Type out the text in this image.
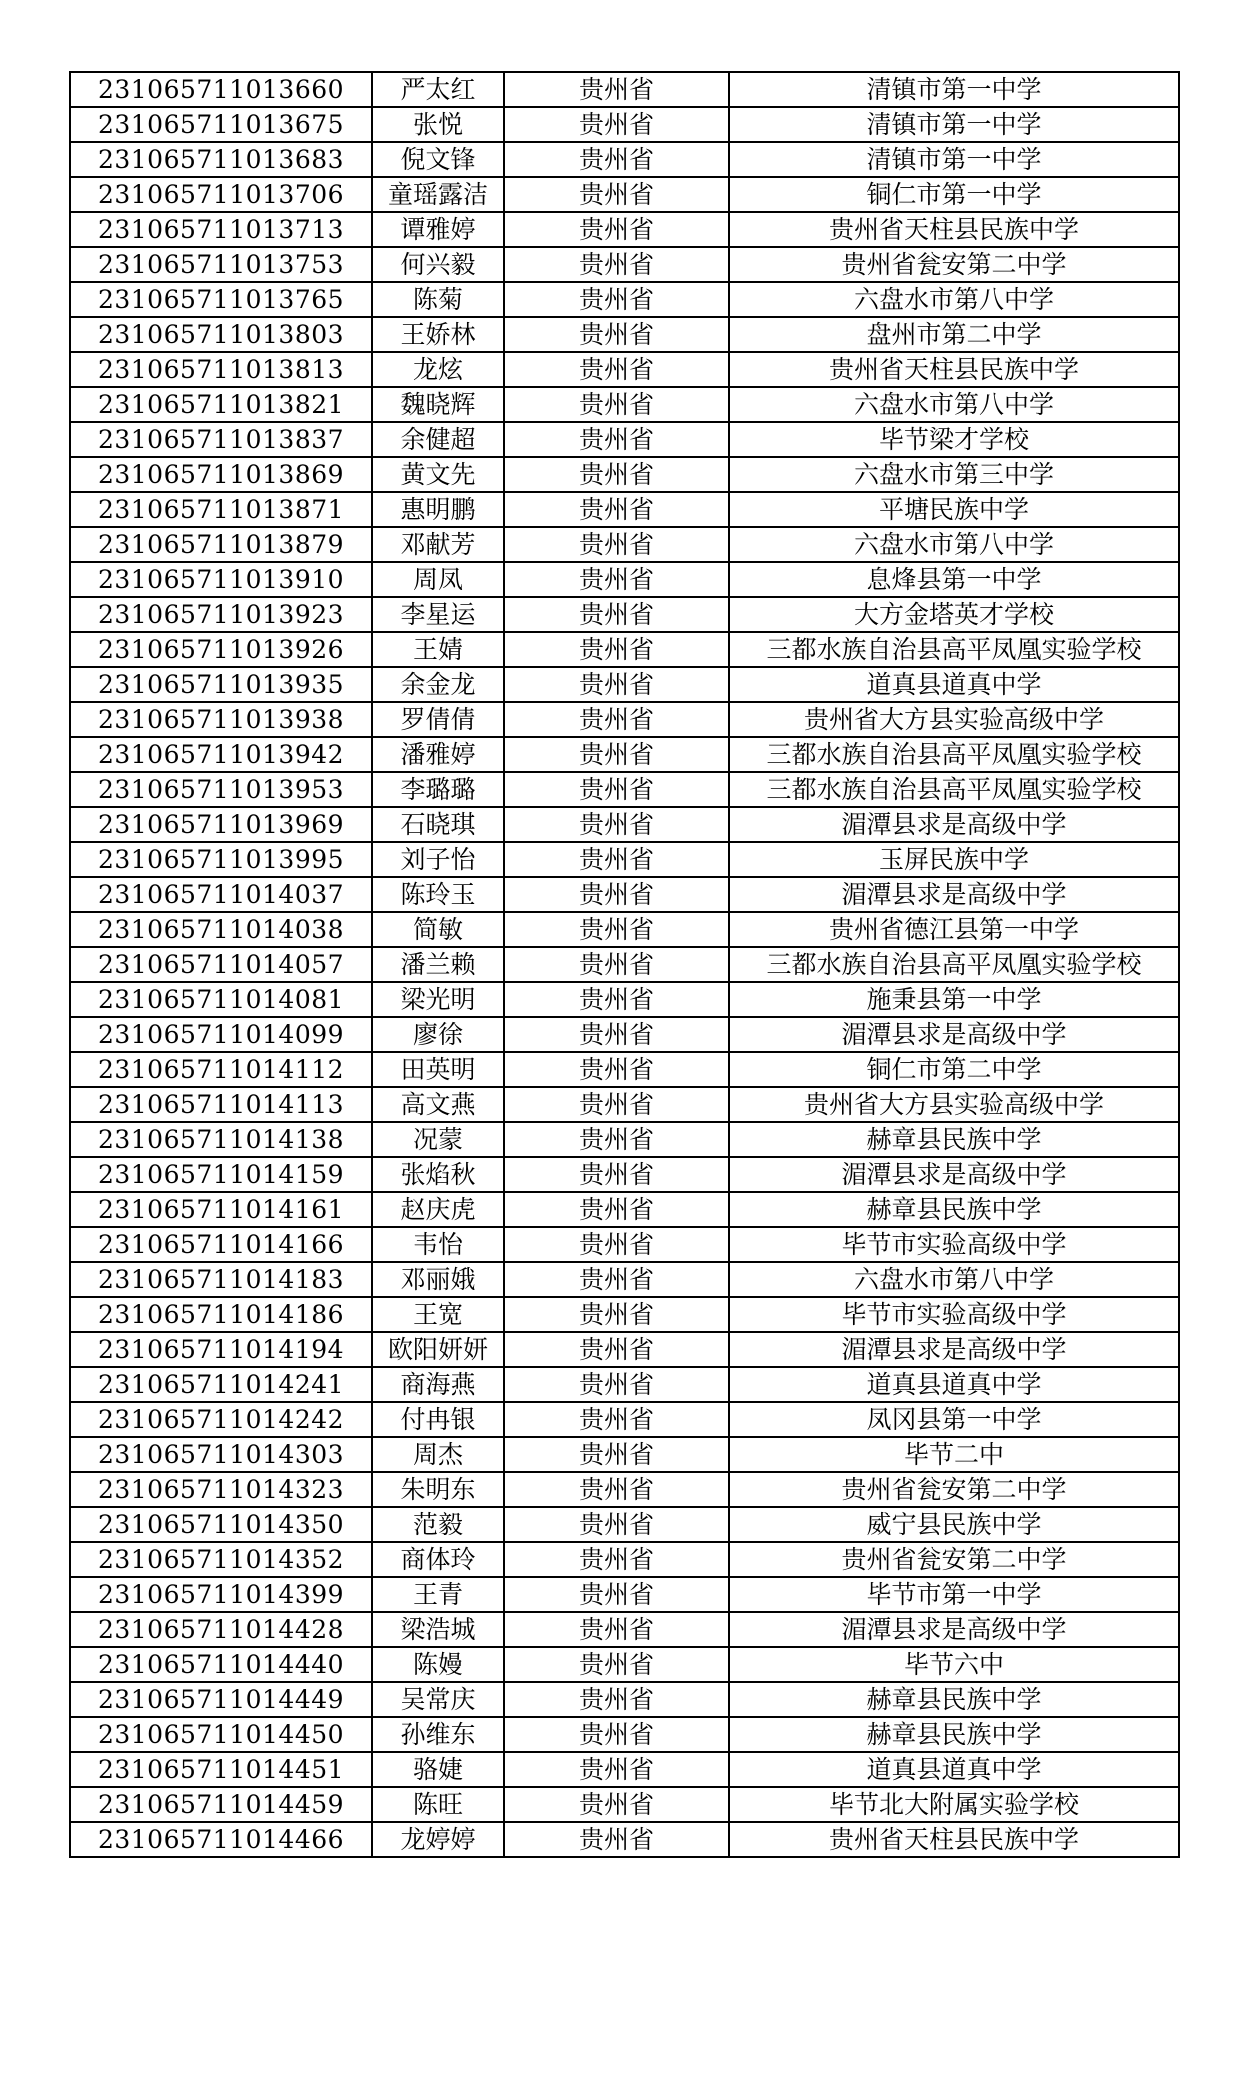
231065711013660	严太红	贵州省	清镇市第一中学
231065711013675	张悦	贵州省	清镇市第一中学
231065711013683	倪文锋	贵州省	清镇市第一中学
231065711013706	童瑶露洁	贵州省	铜仁市第一中学
231065711013713	谭雅婷	贵州省	贵州省天柱县民族中学
231065711013753	何兴毅	贵州省	贵州省瓮安第二中学
231065711013765	陈菊	贵州省	六盘水市第八中学
231065711013803	王娇林	贵州省	盘州市第二中学
231065711013813	龙炫	贵州省	贵州省天柱县民族中学
231065711013821	魏晓辉	贵州省	六盘水市第八中学
231065711013837	余健超	贵州省	毕节梁才学校
231065711013869	黄文先	贵州省	六盘水市第三中学
231065711013871	惠明鹏	贵州省	平塘民族中学
231065711013879	邓献芳	贵州省	六盘水市第八中学
231065711013910	周凤	贵州省	息烽县第一中学
231065711013923	李星运	贵州省	大方金塔英才学校
231065711013926	王婧	贵州省	三都水族自治县高平凤凰实验学校
231065711013935	余金龙	贵州省	道真县道真中学
231065711013938	罗倩倩	贵州省	贵州省大方县实验高级中学
231065711013942	潘雅婷	贵州省	三都水族自治县高平凤凰实验学校
231065711013953	李璐璐	贵州省	三都水族自治县高平凤凰实验学校
231065711013969	石晓琪	贵州省	湄潭县求是高级中学
231065711013995	刘子怡	贵州省	玉屏民族中学
231065711014037	陈玲玉	贵州省	湄潭县求是高级中学
231065711014038	简敏	贵州省	贵州省德江县第一中学
231065711014057	潘兰赖	贵州省	三都水族自治县高平凤凰实验学校
231065711014081	梁光明	贵州省	施秉县第一中学
231065711014099	廖徐	贵州省	湄潭县求是高级中学
231065711014112	田英明	贵州省	铜仁市第二中学
231065711014113	高文燕	贵州省	贵州省大方县实验高级中学
231065711014138	况蒙	贵州省	赫章县民族中学
231065711014159	张焰秋	贵州省	湄潭县求是高级中学
231065711014161	赵庆虎	贵州省	赫章县民族中学
231065711014166	韦怡	贵州省	毕节市实验高级中学
231065711014183	邓丽娥	贵州省	六盘水市第八中学
231065711014186	王宽	贵州省	毕节市实验高级中学
231065711014194	欧阳妍妍	贵州省	湄潭县求是高级中学
231065711014241	商海燕	贵州省	道真县道真中学
231065711014242	付冉银	贵州省	凤冈县第一中学
231065711014303	周杰	贵州省	毕节二中
231065711014323	朱明东	贵州省	贵州省瓮安第二中学
231065711014350	范毅	贵州省	威宁县民族中学
231065711014352	商体玲	贵州省	贵州省瓮安第二中学
231065711014399	王青	贵州省	毕节市第一中学
231065711014428	梁浩城	贵州省	湄潭县求是高级中学
231065711014440	陈嫚	贵州省	毕节六中
231065711014449	吴常庆	贵州省	赫章县民族中学
231065711014450	孙维东	贵州省	赫章县民族中学
231065711014451	骆婕	贵州省	道真县道真中学
231065711014459	陈旺	贵州省	毕节北大附属实验学校
231065711014466	龙婷婷	贵州省	贵州省天柱县民族中学
